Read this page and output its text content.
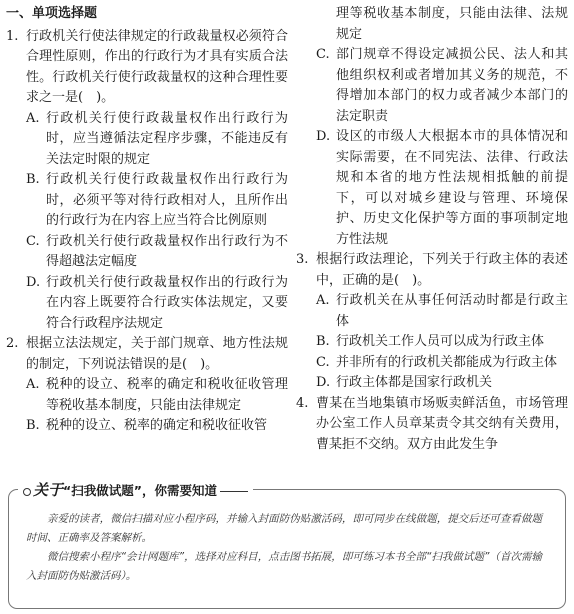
一、单项选择题
1. 行政机关行使法律规定的行政裁量权必须符合合理性原则，作出的行政行为才具有实质合法性。行政机关行使行政裁量权的这种合理性要求之一是(　)。
A. 行政机关行使行政裁量权作出行政行为时，应当遵循法定程序步骤，不能违反有关法定时限的规定
B. 行政机关行使行政裁量权作出行政行为时，必须平等对待行政相对人，且所作出的行政行为在内容上应当符合比例原则
C. 行政机关行使行政裁量权作出行政行为不得超越法定幅度
D. 行政机关行使行政裁量权作出的行政行为在内容上既要符合行政实体法规定，又要符合行政程序法规定
2. 根据立法法规定，关于部门规章、地方性法规的制定，下列说法错误的是(　)。
A. 税种的设立、税率的确定和税收征收管理等税收基本制度，只能由法律规定
B. 税种的设立、税率的确定和税收征收管
理等税收基本制度，只能由法律、法规规定
C. 部门规章不得设定减损公民、法人和其他组织权利或者增加其义务的规范，不得增加本部门的权力或者减少本部门的法定职责
D. 设区的市级人大根据本市的具体情况和实际需要，在不同宪法、法律、行政法规和本省的地方性法规相抵触的前提下，可以对城乡建设与管理、环境保护、历史文化保护等方面的事项制定地方性法规
3. 根据行政法理论，下列关于行政主体的表述中，正确的是(　)。
A. 行政机关在从事任何活动时都是行政主体
B. 行政机关工作人员可以成为行政主体
C. 并非所有的行政机关都能成为行政主体
D. 行政主体都是国家行政机关
4. 曹某在当地集镇市场贩卖鲜活鱼，市场管理办公室工作人员章某责令其交纳有关费用，曹某拒不交纳。双方由此发生争
关于“扫我做试题”，你需要知道

亲爱的读者，微信扫描对应小程序码，并输入封面防伪贴激活码，即可同步在线做题，提交后还可查看做题时间、正确率及答案解析。

微信搜索小程序“会计网题库”，选择对应科目，点击图书拓展，即可练习本书全部“扫我做试题”（首次需输入封面防伪贴激活码）。
